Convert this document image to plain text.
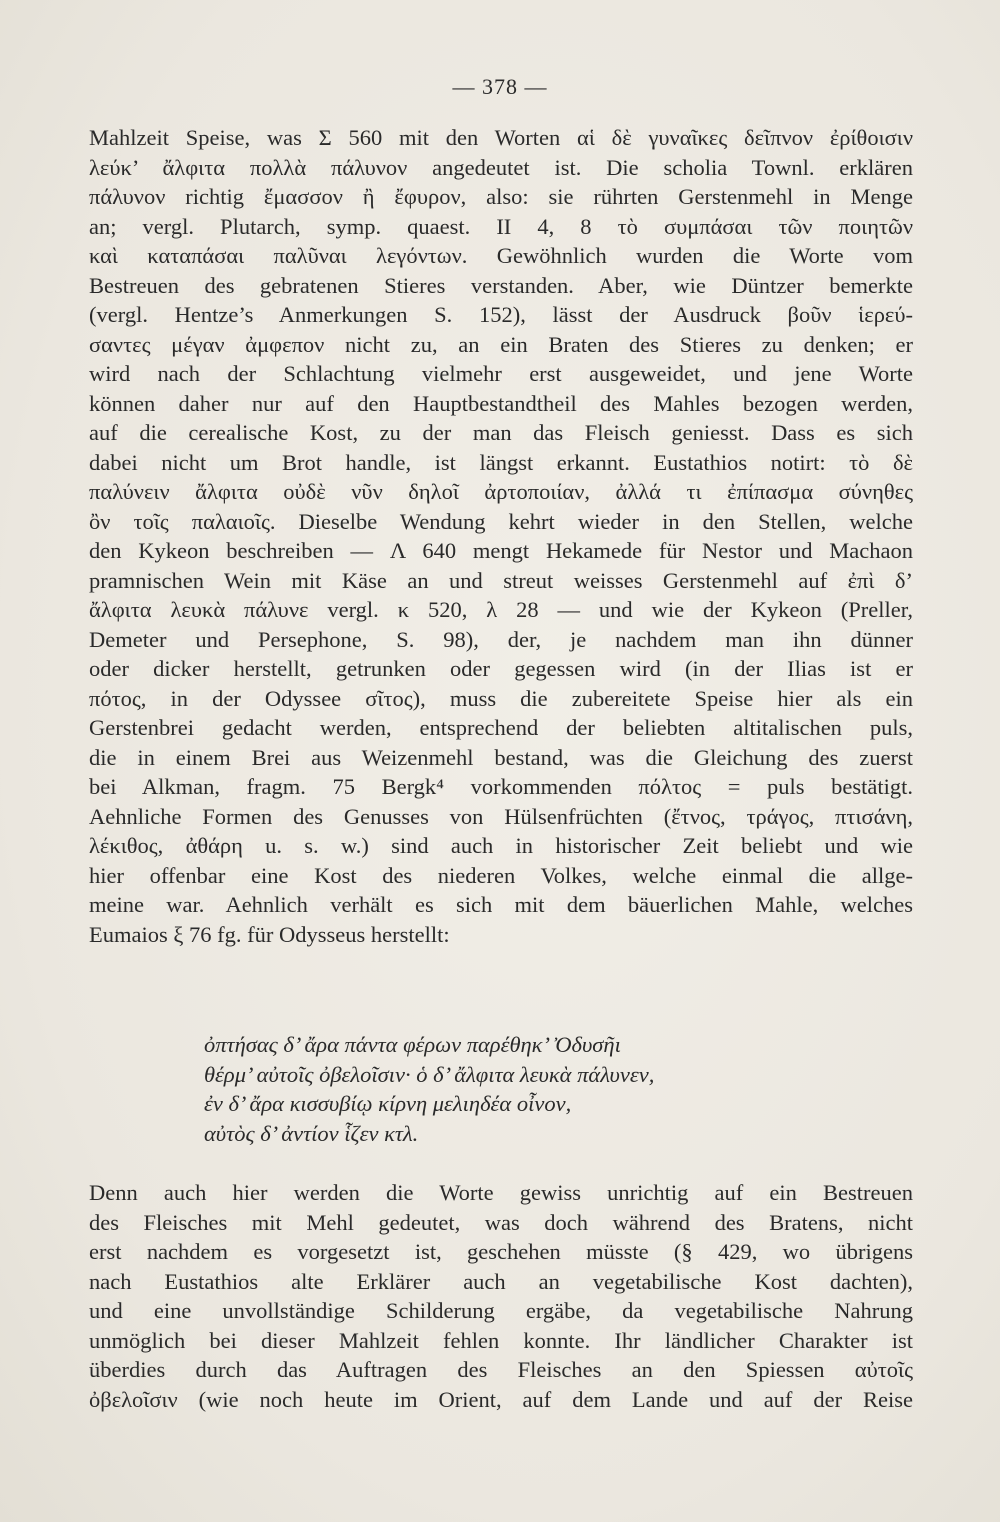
— 378 —
Mahlzeit Speise, was Σ 560 mit den Worten αἱ δὲ γυναῖκες δεῖπνον ἐρίθοισιν
λεύκ’ ἄλφιτα πολλὰ πάλυνον angedeutet ist. Die scholia Townl. erklären
πάλυνον richtig ἔμασσον ἢ ἔφυρον, also: sie rührten Gerstenmehl in Menge
an; vergl. Plutarch, symp. quaest. II 4, 8 τὸ συμπάσαι τῶν ποιητῶν
καὶ καταπάσαι παλῦναι λεγόντων. Gewöhnlich wurden die Worte vom
Bestreuen des gebratenen Stieres verstanden. Aber, wie Düntzer bemerkte
(vergl. Hentze’s Anmerkungen S. 152), lässt der Ausdruck βοῦν ἱερεύ-
σαντες μέγαν ἀμφεπον nicht zu, an ein Braten des Stieres zu denken; er
wird nach der Schlachtung vielmehr erst ausgeweidet, und jene Worte
können daher nur auf den Hauptbestandtheil des Mahles bezogen werden,
auf die cerealische Kost, zu der man das Fleisch geniesst. Dass es sich
dabei nicht um Brot handle, ist längst erkannt. Eustathios notirt: τὸ δὲ
παλύνειν ἄλφιτα οὐδὲ νῦν δηλοῖ ἀρτοποιίαν, ἀλλά τι ἐπίπασμα σύνηθες
ὂν τοῖς παλαιοῖς. Dieselbe Wendung kehrt wieder in den Stellen, welche
den Kykeon beschreiben — Λ 640 mengt Hekamede für Nestor und Machaon
pramnischen Wein mit Käse an und streut weisses Gerstenmehl auf ἐπὶ δ’
ἄλφιτα λευκὰ πάλυνε vergl. κ 520, λ 28 — und wie der Kykeon (Preller,
Demeter und Persephone, S. 98), der, je nachdem man ihn dünner
oder dicker herstellt, getrunken oder gegessen wird (in der Ilias ist er
πότος, in der Odyssee σῖτος), muss die zubereitete Speise hier als ein
Gerstenbrei gedacht werden, entsprechend der beliebten altitalischen puls,
die in einem Brei aus Weizenmehl bestand, was die Gleichung des zuerst
bei Alkman, fragm. 75 Bergk⁴ vorkommenden πόλτος = puls bestätigt.
Aehnliche Formen des Genusses von Hülsenfrüchten (ἔτνος, τράγος, πτισάνη,
λέκιθος, ἀθάρη u. s. w.) sind auch in historischer Zeit beliebt und wie
hier offenbar eine Kost des niederen Volkes, welche einmal die allge-
meine war. Aehnlich verhält es sich mit dem bäuerlichen Mahle, welches
Eumaios ξ 76 fg. für Odysseus herstellt:
ὀπτήσας δ’ ἄρα πάντα φέρων παρέθηκ’ Ὀδυσῆι
θέρμ’ αὐτοῖς ὀβελοῖσιν· ὁ δ’ ἄλφιτα λευκὰ πάλυνεν,
ἐν δ’ ἄρα κισσυβίῳ κίρνη μελιηδέα οἶνον,
αὐτὸς δ’ ἀντίον ἷζεν κτλ.
Denn auch hier werden die Worte gewiss unrichtig auf ein Bestreuen
des Fleisches mit Mehl gedeutet, was doch während des Bratens, nicht
erst nachdem es vorgesetzt ist, geschehen müsste (§ 429, wo übrigens
nach Eustathios alte Erklärer auch an vegetabilische Kost dachten),
und eine unvollständige Schilderung ergäbe, da vegetabilische Nahrung
unmöglich bei dieser Mahlzeit fehlen konnte. Ihr ländlicher Charakter ist
überdies durch das Auftragen des Fleisches an den Spiessen αὐτοῖς
ὀβελοῖσιν (wie noch heute im Orient, auf dem Lande und auf der Reise
